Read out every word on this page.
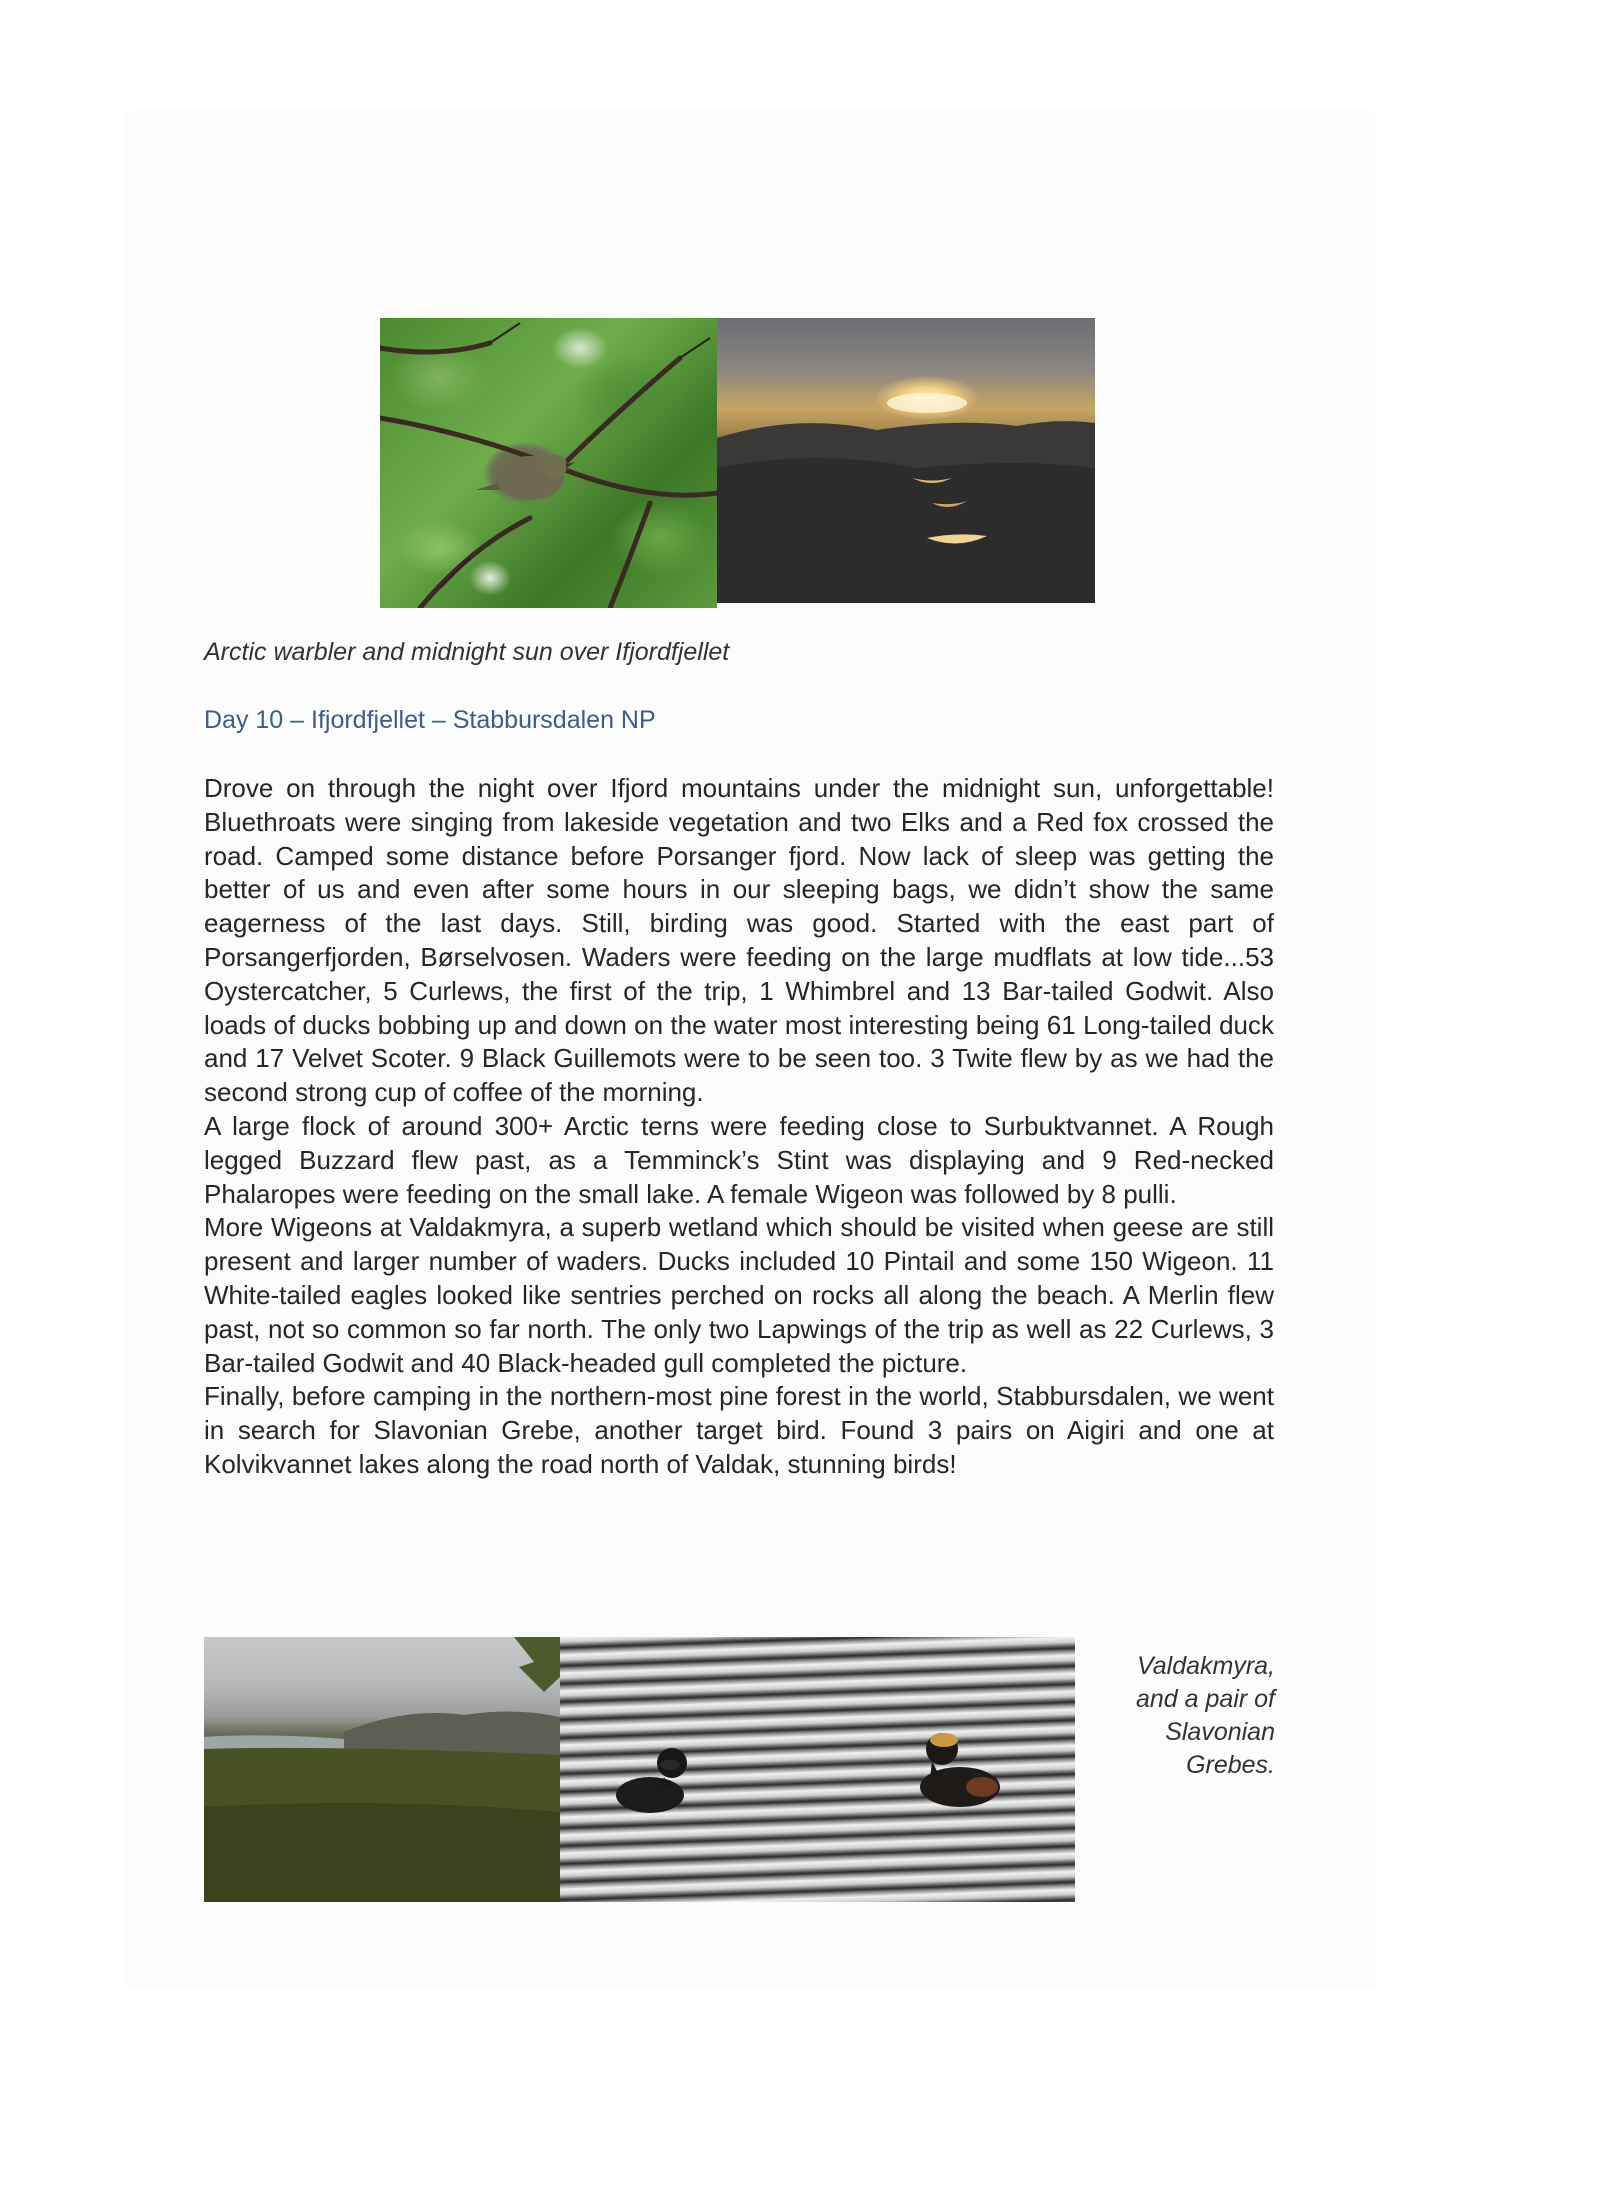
Arctic warbler and midnight sun over Ifjordfjellet
Day 10 – Ifjordfjellet – Stabbursdalen NP

Drove on through the night over Ifjord mountains under the midnight sun, unforgettable! Bluethroats were singing from lakeside vegetation and two Elks and a Red fox crossed the road. Camped some distance before Porsanger fjord. Now lack of sleep was getting the better of us and even after some hours in our sleeping bags, we didn’t show the same eagerness of the last days. Still, birding was good. Started with the east part of Porsangerfjorden, Børselvosen. Waders were feeding on the large mudflats at low tide...53 Oystercatcher, 5 Curlews, the first of the trip, 1 Whimbrel and 13 Bar-tailed Godwit. Also loads of ducks bobbing up and down on the water most interesting being 61 Long-tailed duck and 17 Velvet Scoter. 9 Black Guillemots were to be seen too. 3 Twite flew by as we had the second strong cup of coffee of the morning.

A large flock of around 300+ Arctic terns were feeding close to Surbuktvannet. A Rough legged Buzzard flew past, as a Temminck’s Stint was displaying and 9 Red-necked Phalaropes were feeding on the small lake. A female Wigeon was followed by 8 pulli.

More Wigeons at Valdakmyra, a superb wetland which should be visited when geese are still present and larger number of waders. Ducks included 10 Pintail and some 150 Wigeon. 11 White-tailed eagles looked like sentries perched on rocks all along the beach. A Merlin flew past, not so common so far north. The only two Lapwings of the trip as well as 22 Curlews, 3 Bar-tailed Godwit and 40 Black-headed gull completed the picture.

Finally, before camping in the northern-most pine forest in the world, Stabbursdalen, we went in search for Slavonian Grebe, another target bird. Found 3 pairs on Aigiri and one at Kolvikvannet lakes along the road north of Valdak, stunning birds!

Valdakmyra,
and a pair of
Slavonian
Grebes.
